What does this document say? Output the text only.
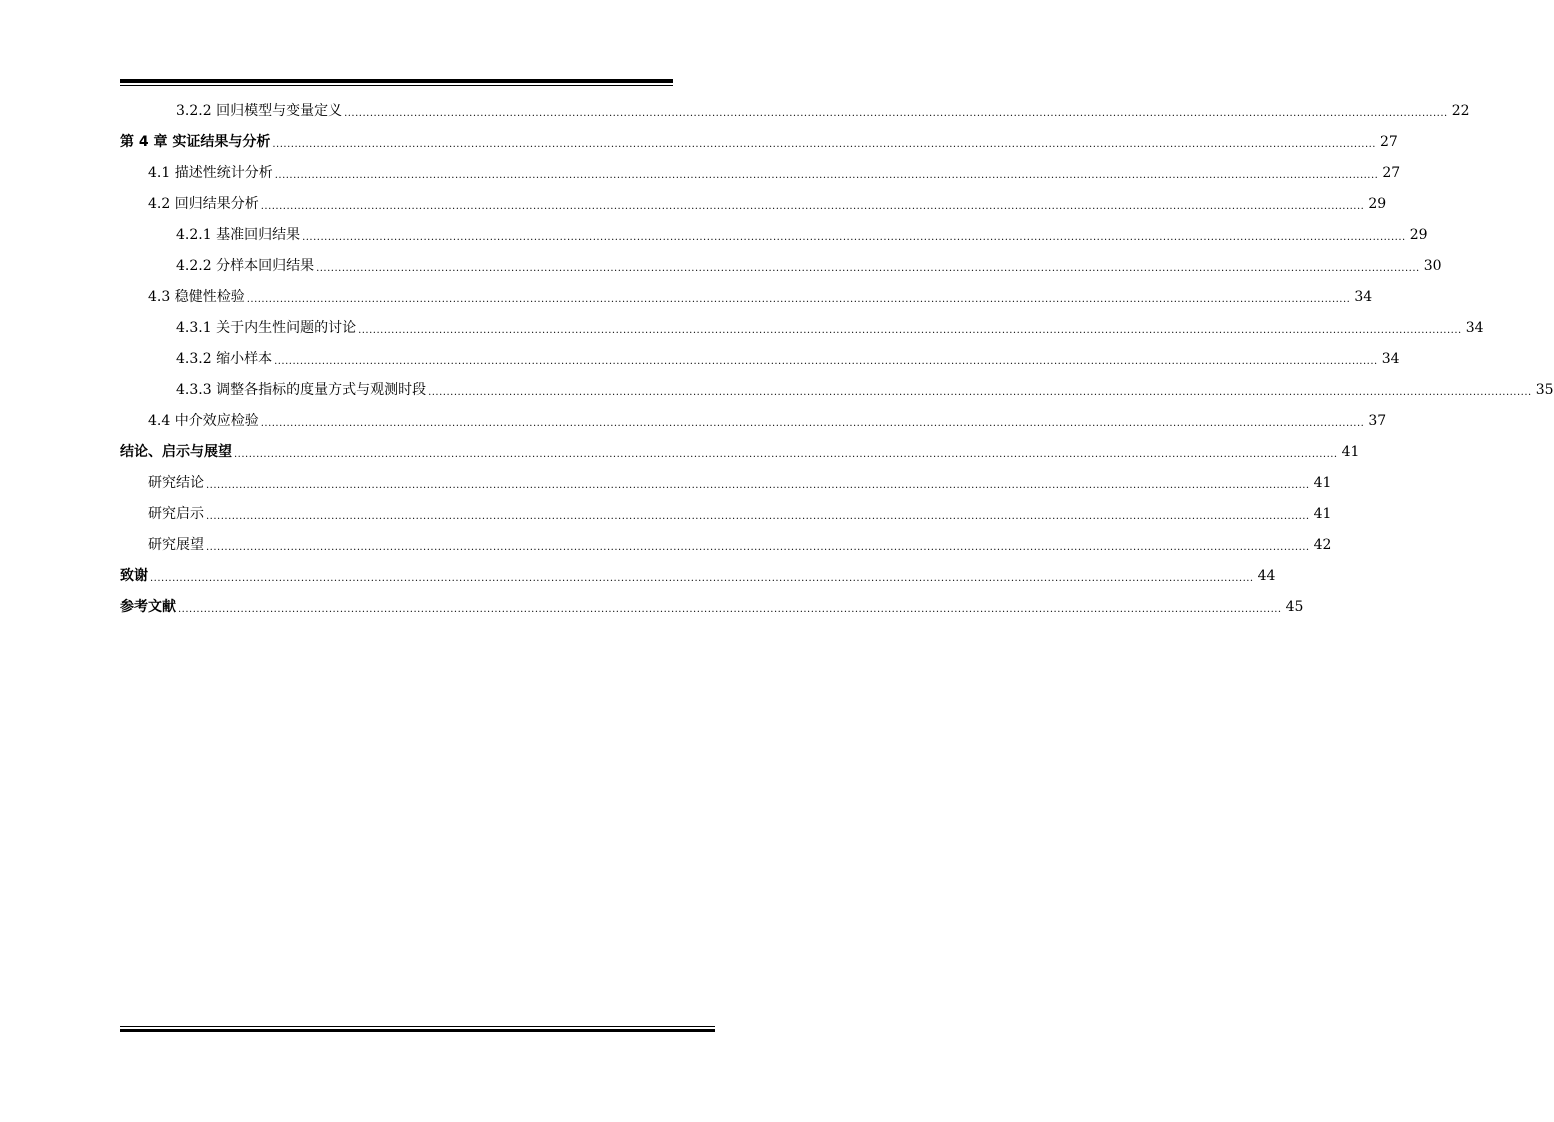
3.2.2 回归模型与变量定义 ............................................................................................................................................................................................................................................................................................................ 22
第 4 章 实证结果与分析 ............................................................................................................................................................................................................................................................................................................ 27
4.1 描述性统计分析 ............................................................................................................................................................................................................................................................................................................ 27
4.2 回归结果分析 ............................................................................................................................................................................................................................................................................................................ 29
4.2.1 基准回归结果 ............................................................................................................................................................................................................................................................................................................ 29
4.2.2 分样本回归结果 ............................................................................................................................................................................................................................................................................................................ 30
4.3 稳健性检验 ............................................................................................................................................................................................................................................................................................................ 34
4.3.1 关于内生性问题的讨论 ............................................................................................................................................................................................................................................................................................................ 34
4.3.2 缩小样本 ............................................................................................................................................................................................................................................................................................................ 34
4.3.3 调整各指标的度量方式与观测时段 ............................................................................................................................................................................................................................................................................................................ 35
4.4 中介效应检验 ............................................................................................................................................................................................................................................................................................................ 37
结论、启示与展望 ............................................................................................................................................................................................................................................................................................................ 41
研究结论 ............................................................................................................................................................................................................................................................................................................ 41
研究启示 ............................................................................................................................................................................................................................................................................................................ 41
研究展望 ............................................................................................................................................................................................................................................................................................................ 42
致谢 ............................................................................................................................................................................................................................................................................................................ 44
参考文献 ............................................................................................................................................................................................................................................................................................................ 45
